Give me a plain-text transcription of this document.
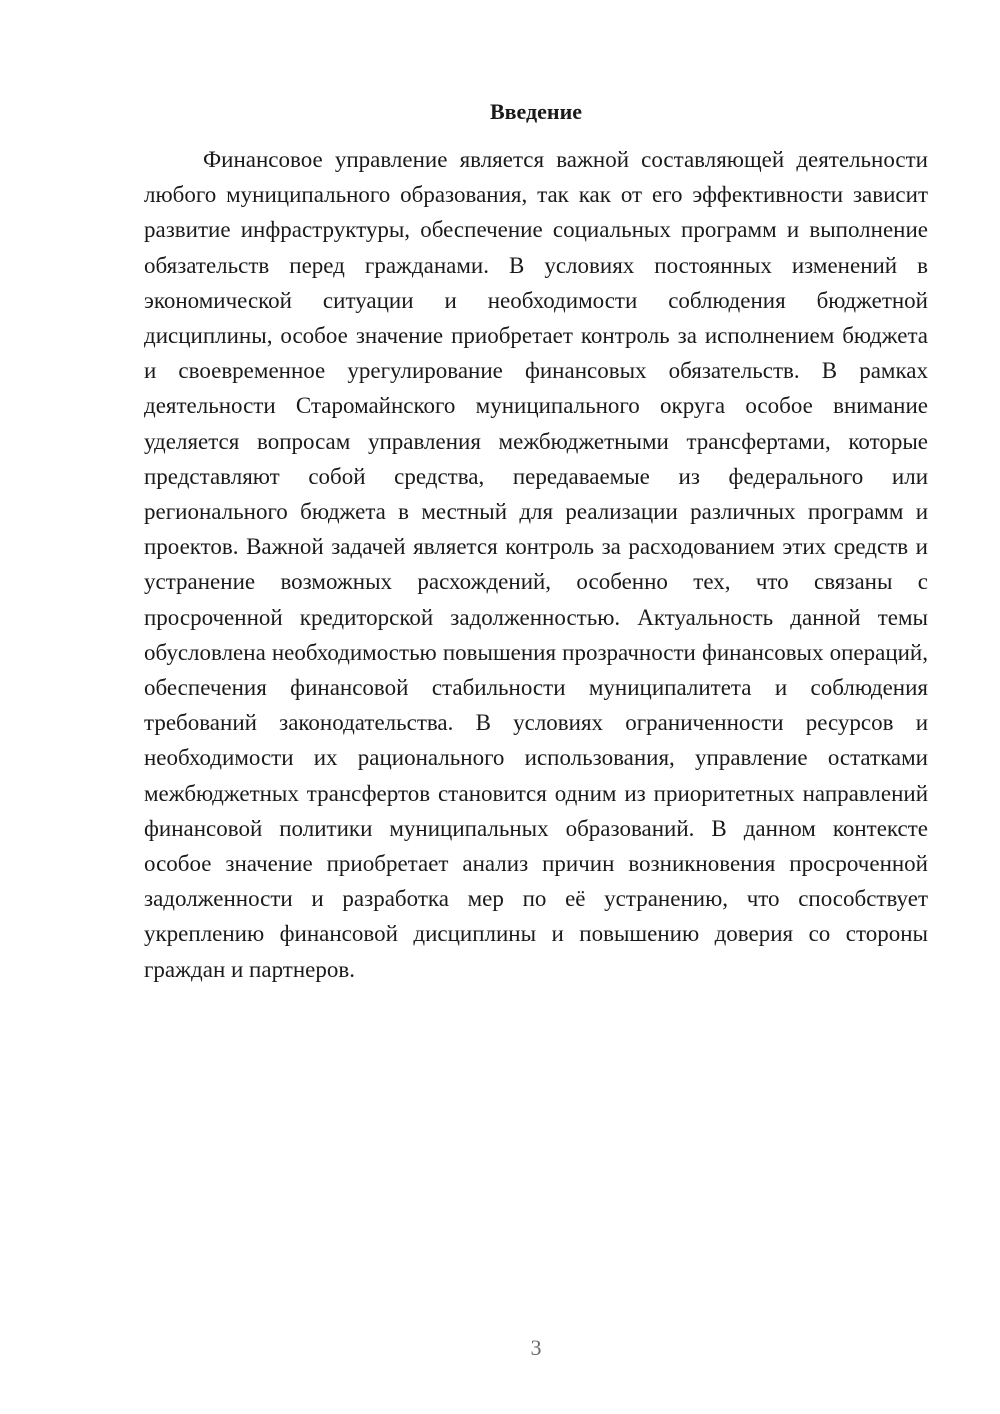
Введение

Финансовое управление является важной составляющей деятельности любого муниципального образования, так как от его эффективности зависит развитие инфраструктуры, обеспечение социальных программ и выполнение обязательств перед гражданами. В условиях постоянных изменений в экономической ситуации и необходимости соблюдения бюджетной дисциплины, особое значение приобретает контроль за исполнением бюджета и своевременное урегулирование финансовых обязательств. В рамках деятельности Старомайнского муниципального округа особое внимание уделяется вопросам управления межбюджетными трансфертами, которые представляют собой средства, передаваемые из федерального или регионального бюджета в местный для реализации различных программ и проектов. Важной задачей является контроль за расходованием этих средств и устранение возможных расхождений, особенно тех, что связаны с просроченной кредиторской задолженностью. Актуальность данной темы обусловлена необходимостью повышения прозрачности финансовых операций, обеспечения финансовой стабильности муниципалитета и соблюдения требований законодательства. В условиях ограниченности ресурсов и необходимости их рационального использования, управление остатками межбюджетных трансфертов становится одним из приоритетных направлений финансовой политики муниципальных образований. В данном контексте особое значение приобретает анализ причин возникновения просроченной задолженности и разработка мер по её устранению, что способствует укреплению финансовой дисциплины и повышению доверия со стороны граждан и партнеров.

3
